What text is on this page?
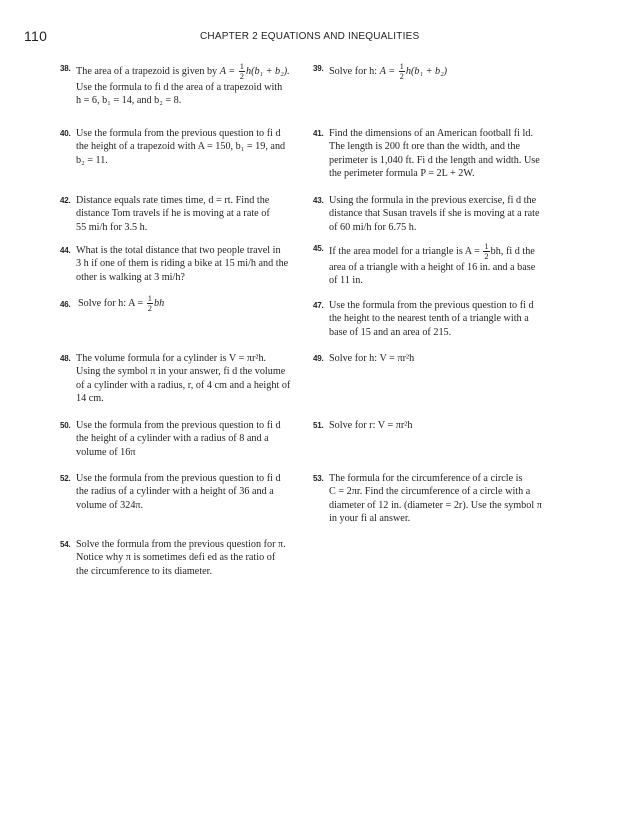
110	CHAPTER 2 EQUATIONS AND INEQUALITIES
38. The area of a trapezoid is given by $A = \frac{1}{2} h(b_1 + b_2)$.
Use the formula to fi d the area of a trapezoid with
h = 6, b₁ = 14, and b₂ = 8.
39. Solve for h: $A = \frac{1}{2} h(b_1 + b_2)$
40. Use the formula from the previous question to fi d
the height of a trapezoid with A = 150, b₁ = 19, and
b₂ = 11.
41. Find the dimensions of an American football fi ld.
The length is 200 ft ore than the width, and the
perimeter is 1,040 ft. Fi d the length and width. Use
the perimeter formula P = 2L + 2W.
42. Distance equals rate times time, d = rt. Find the
distance Tom travels if he is moving at a rate of
55 mi/h for 3.5 h.
43. Using the formula in the previous exercise, fi d the
distance that Susan travels if she is moving at a rate
of 60 mi/h for 6.75 h.
44. What is the total distance that two people travel in
3 h if one of them is riding a bike at 15 mi/h and the
other is walking at 3 mi/h?
45. If the area model for a triangle is $A = \frac{1}{2}$ bh, fi d the
area of a triangle with a height of 16 in. and a base
of 11 in.
46. Solve for h: $A = \frac{1}{2}$ bh	47. Use the formula from the previous question to fi d
the height to the nearest tenth of a triangle with a
base of 15 and an area of 215.
48. The volume formula for a cylinder is V = πr²h.
Using the symbol π in your answer, fi d the volume
of a cylinder with a radius, r, of 4 cm and a height of
14 cm.
49. Solve for h: V = πr²h
50. Use the formula from the previous question to fi d
the height of a cylinder with a radius of 8 and a
volume of 16π
51. Solve for r: V = πr²h
52. Use the formula from the previous question to fi d
the radius of a cylinder with a height of 36 and a
volume of 324π.
53. The formula for the circumference of a circle is
C = 2πr. Find the circumference of a circle with a
diameter of 12 in. (diameter = 2r). Use the symbol π
in your fi al answer.
54. Solve the formula from the previous question for π.
Notice why π is sometimes defi ed as the ratio of
the circumference to its diameter.
